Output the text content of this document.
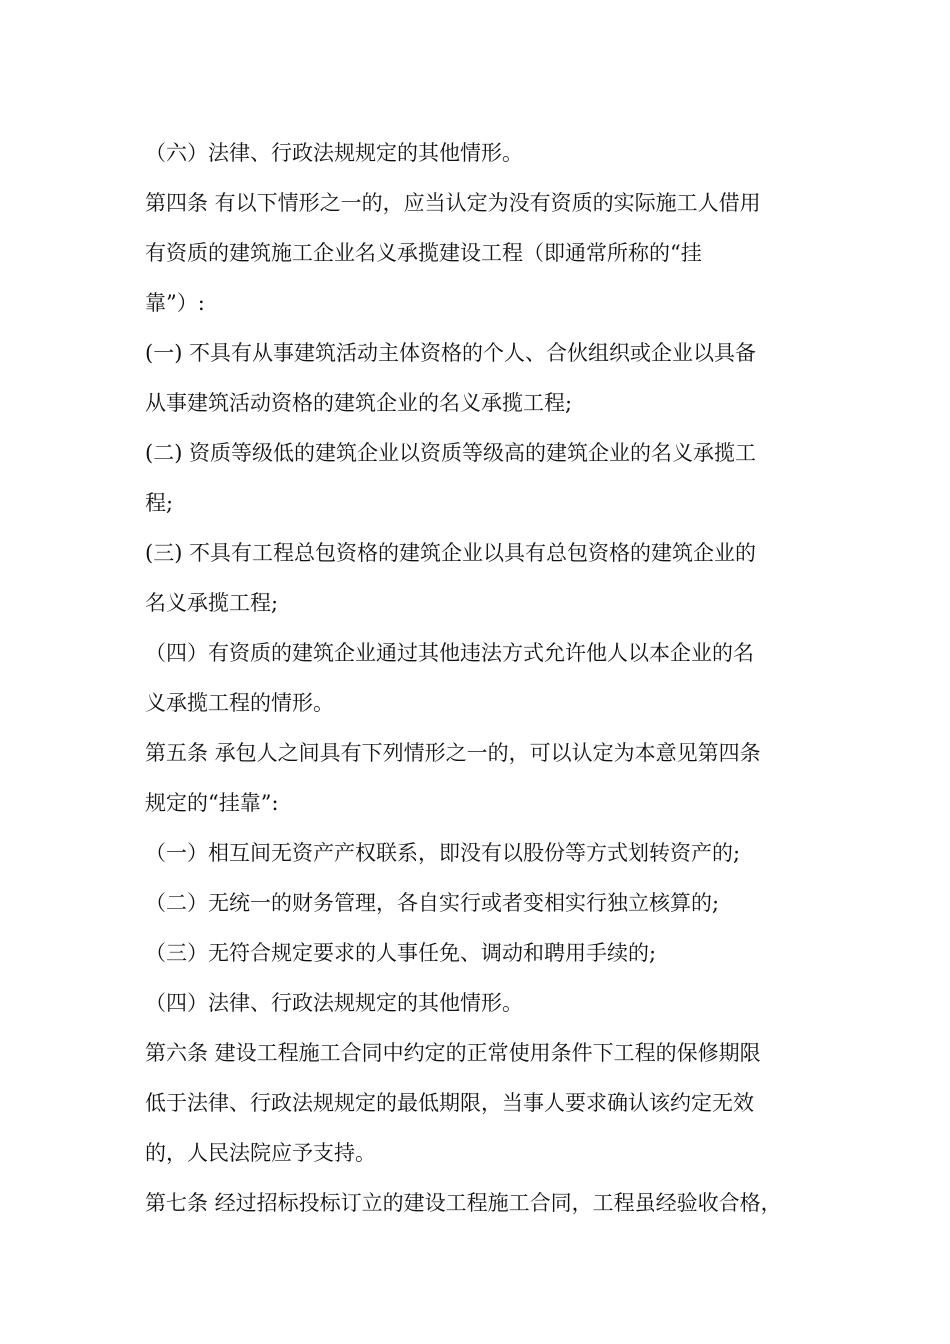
（六）法律、行政法规规定的其他情形。
第四条 有以下情形之一的，应当认定为没有资质的实际施工人借用
有资质的建筑施工企业名义承揽建设工程（即通常所称的“挂
靠”）:
(一) 不具有从事建筑活动主体资格的个人、合伙组织或企业以具备
从事建筑活动资格的建筑企业的名义承揽工程;
(二) 资质等级低的建筑企业以资质等级高的建筑企业的名义承揽工
程;
(三) 不具有工程总包资格的建筑企业以具有总包资格的建筑企业的
名义承揽工程;
（四）有资质的建筑企业通过其他违法方式允许他人以本企业的名
义承揽工程的情形。
第五条 承包人之间具有下列情形之一的，可以认定为本意见第四条
规定的“挂靠”:
（一）相互间无资产产权联系，即没有以股份等方式划转资产的;
（二）无统一的财务管理，各自实行或者变相实行独立核算的;
（三）无符合规定要求的人事任免、调动和聘用手续的;
（四）法律、行政法规规定的其他情形。
第六条 建设工程施工合同中约定的正常使用条件下工程的保修期限
低于法律、行政法规规定的最低期限，当事人要求确认该约定无效
的，人民法院应予支持。
第七条 经过招标投标订立的建设工程施工合同，工程虽经验收合格，
